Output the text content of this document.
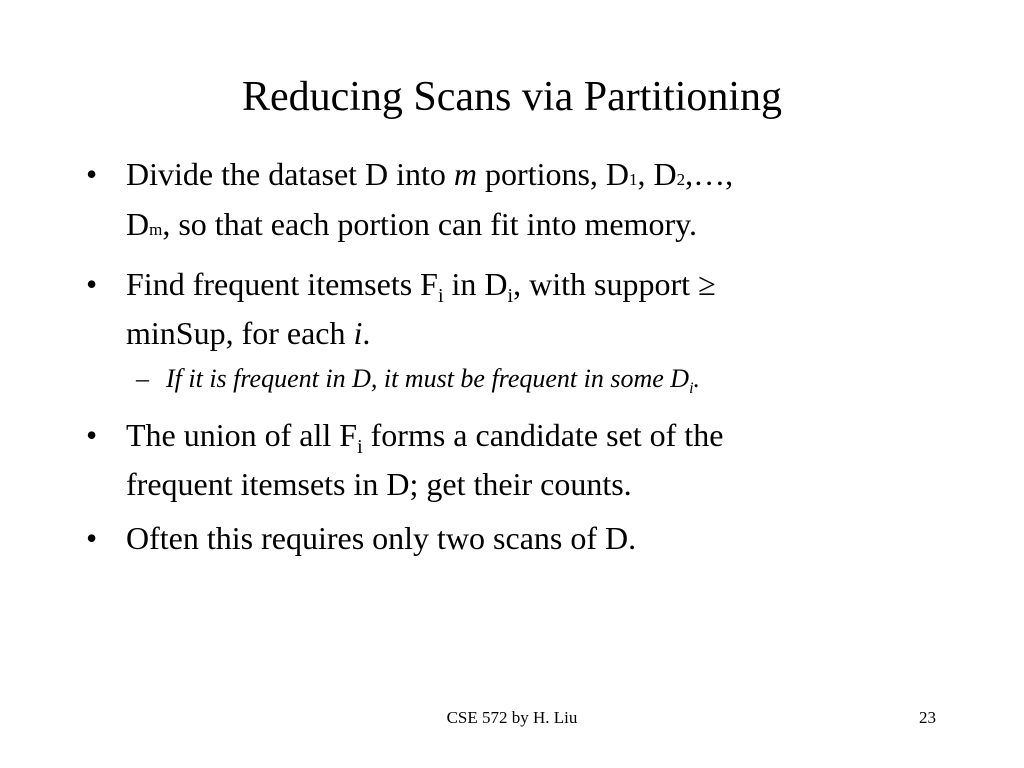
Reducing Scans via Partitioning
• Divide the dataset D into m portions, D1, D2,…,
Dm, so that each portion can fit into memory.
• Find frequent itemsets $F_i$ in $D_i$, with support ≥
minSup, for each i.
– If it is frequent in D, it must be frequent in some $D_i$.
• The union of all $F_i$ forms a candidate set of the
frequent itemsets in D; get their counts.
• Often this requires only two scans of D.
CSE 572 by H. Liu	23
